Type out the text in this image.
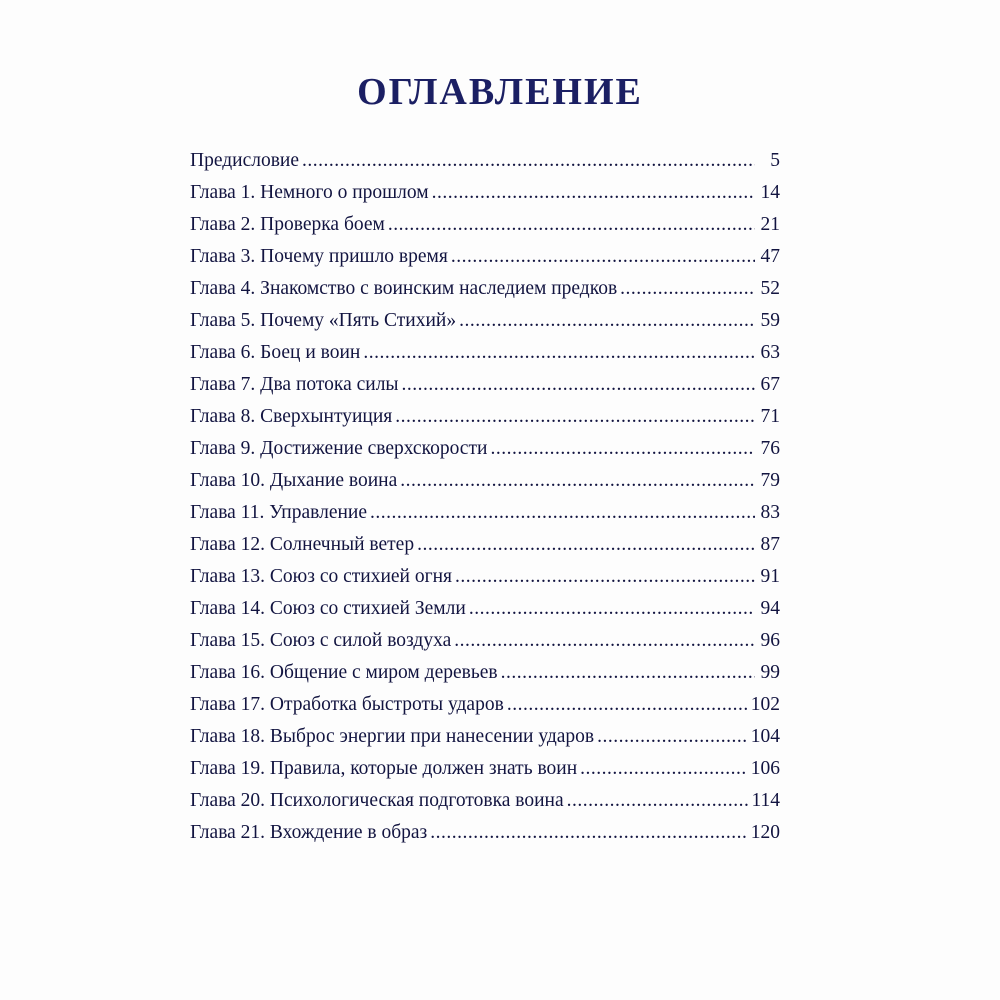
ОГЛАВЛЕНИЕ
Предисловие .....	5
Глава 1. Немного о прошлом .....	14
Глава 2. Проверка боем .....	21
Глава 3. Почему пришло время .....	47
Глава 4. Знакомство с воинским наследием предков .....	52
Глава 5. Почему «Пять Стихий» .....	59
Глава 6. Боец и воин .....	63
Глава 7. Два потока силы .....	67
Глава 8. Сверхынтуиция .....	71
Глава 9. Достижение сверхскорости .....	76
Глава 10. Дыхание воина .....	79
Глава 11. Управление .....	83
Глава 12. Солнечный ветер .....	87
Глава 13. Союз со стихией огня .....	91
Глава 14. Союз со стихией Земли .....	94
Глава 15. Союз с силой воздуха .....	96
Глава 16. Общение с миром деревьев .....	99
Глава 17. Отработка быстроты ударов .....	102
Глава 18. Выброс энергии при нанесении ударов .....	104
Глава 19. Правила, которые должен знать воин .....	106
Глава 20. Психологическая подготовка воина .....	114
Глава 21. Вхождение в образ .....	120
